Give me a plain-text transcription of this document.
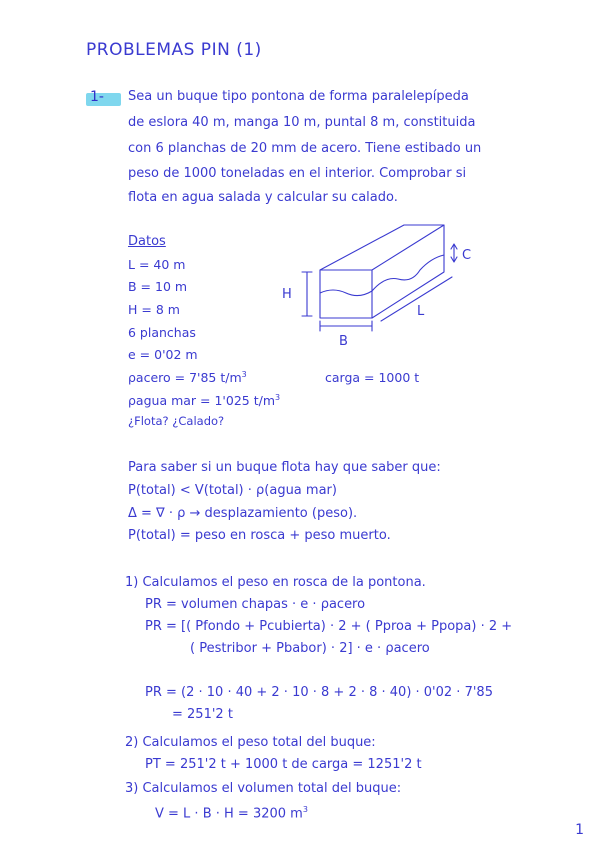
PROBLEMAS PIN (1)
1- Sea un buque tipo pontona de forma paralelepípeda
de eslora 40 m, manga 10 m, puntal 8 m, constituida
con 6 planchas de 20 mm de acero. Tiene estibado un
peso de 1000 toneladas en el interior. Comprobar si
flota en agua salada y calcular su calado.
Datos
L = 40 m
B = 10 m
H = 8 m
6 planchas
e = 0'02 m
ρacero = 7'85 $t/m^3$	carga = 1000 t
ρagua mar = 1'025 $t/m^3$
¿Flota? ¿Calado?
H
B
L
C
Para saber si un buque flota hay que saber que:
P(total) < V(total) · ρ(agua mar)
Δ = ∇ · ρ → desplazamiento (peso).
P(total) = peso en rosca + peso muerto.
1) Calculamos el peso en rosca de la pontona.
PR = volumen chapas · e · ρacero
PR = [( Pfondo + Pcubierta) · 2 + ( Pproa + Ppopa) · 2 +
( Pestribor + Pbabor) · 2] · e · ρacero
PR = (2 · 10 · 40 + 2 · 10 · 8 + 2 · 8 · 40) · 0'02 · 7'85
= 251'2 t
2) Calculamos el peso total del buque:
PT = 251'2 t + 1000 t de carga = 1251'2 t
3) Calculamos el volumen total del buque:
V = L · B · H = 3200 $m^3$
1
